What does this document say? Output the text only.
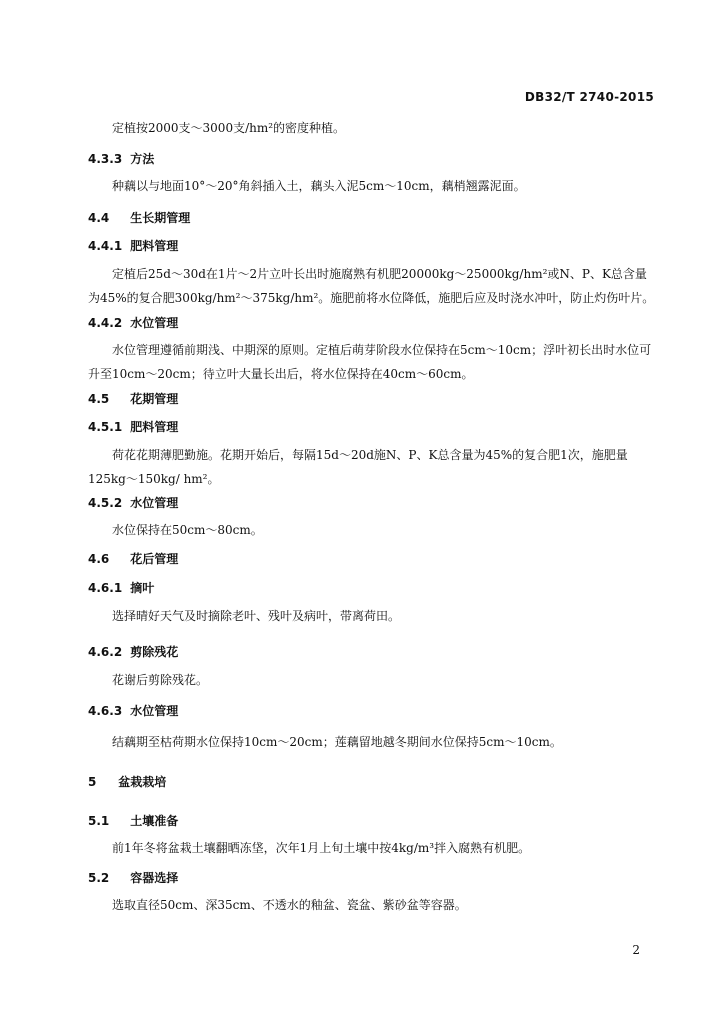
DB32/T 2740-2015
定植按2000支～3000支/hm²的密度种植。
4.3.3 方法
种藕以与地面10°～20°角斜插入土，藕头入泥5cm～10cm，藕梢翘露泥面。
4.4 生长期管理
4.4.1 肥料管理
定植后25d～30d在1片～2片立叶长出时施腐熟有机肥20000kg～25000kg/hm²或N、P、K总含量为45%的复合肥300kg/hm²～375kg/hm²。施肥前将水位降低，施肥后应及时浇水冲叶，防止灼伤叶片。
4.4.2 水位管理
水位管理遵循前期浅、中期深的原则。定植后萌芽阶段水位保持在5cm～10cm；浮叶初长出时水位可升至10cm～20cm；待立叶大量长出后，将水位保持在40cm～60cm。
4.5 花期管理
4.5.1 肥料管理
荷花花期薄肥勤施。花期开始后，每隔15d～20d施N、P、K总含量为45%的复合肥1次，施肥量125kg～150kg/ hm²。
4.5.2 水位管理
水位保持在50cm～80cm。
4.6 花后管理
4.6.1 摘叶
选择晴好天气及时摘除老叶、残叶及病叶，带离荷田。
4.6.2 剪除残花
花谢后剪除残花。
4.6.3 水位管理
结藕期至枯荷期水位保持10cm～20cm；莲藕留地越冬期间水位保持5cm～10cm。
5 盆栽栽培
5.1 土壤准备
前1年冬将盆栽土壤翻晒冻垡，次年1月上旬土壤中按4kg/m³拌入腐熟有机肥。
5.2 容器选择
选取直径50cm、深35cm、不透水的釉盆、瓷盆、紫砂盆等容器。
2
